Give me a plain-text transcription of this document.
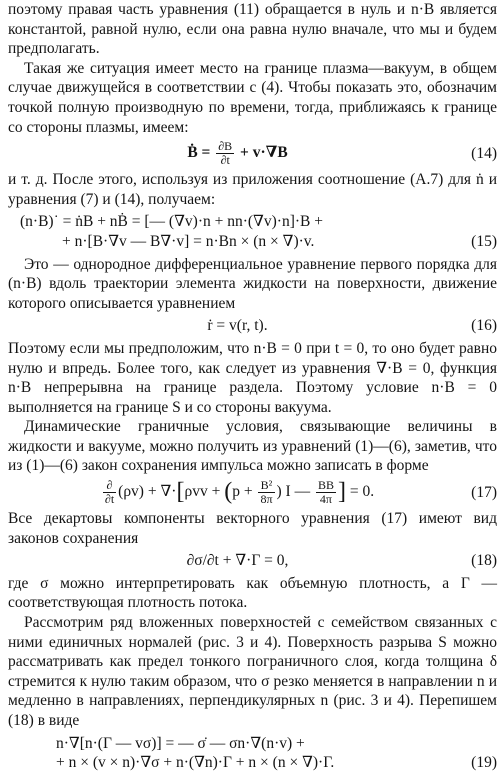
поэтому правая часть уравнения (11) обращается в нуль и n·B является константой, равной нулю, если она равна нулю вначале, что мы и будем предполагать.

Такая же ситуация имеет место на границе плазма—вакуум, в общем случае движущейся в соответствии с (4). Чтобы показать это, обозначим точкой полную производную по времени, тогда, приближаясь к границе со стороны плазмы, имеем:

Ḃ = $\frac{\partial B}{\partial t} + v\cdot\nabla B$	(14)

и т. д. После этого, используя из приложения соотношение (А.7) для ṅ и уравнения (7) и (14), получаем:

(n·B)˙ = ṅB + nḂ = [— (∇v)·n + nn·(∇v)·n]·B +
+ n·[B·∇v — B∇·v] = n·Bn × (n × ∇)·v.	(15)

Это — однородное дифференциальное уравнение первого порядка для (n·B) вдоль траектории элемента жидкости на поверхности, движение которого описывается уравнением

ṙ = v(r, t).	(16)

Поэтому если мы предположим, что n·B = 0 при t = 0, то оно будет равно нулю и впредь. Более того, как следует из уравнения ∇·B = 0, функция n·B непрерывна на границе раздела. Поэтому условие n·B = 0 выполняется на границе S и со стороны вакуума.

Динамические граничные условия, связывающие величины в жидкости и вакууме, можно получить из уравнений (1)—(6), заметив, что из (1)—(6) закон сохранения импульса можно записать в форме

$\frac{\partial}{\partial t} (\rho v) + \nabla\cdot[\rho vv + (p + \frac{\text{B²}}{8\pi}$ ) I — $\frac{BB}{4\pi}$ ] = 0.	(17)

Все декартовы компоненты векторного уравнения (17) имеют вид законов сохранения

∂σ/∂t + ∇·Γ = 0,	(18)

где σ можно интерпретировать как объемную плотность, а Γ — соответствующая плотность потока.

Рассмотрим ряд вложенных поверхностей с семейством связанных с ними единичных нормалей (рис. 3 и 4). Поверхность разрыва S можно рассматривать как предел тонкого пограничного слоя, когда толщина δ стремится к нулю таким образом, что σ резко меняется в направлении n и медленно в направлениях, перпендикулярных n (рис. 3 и 4). Перепишем (18) в виде

n·∇[n·(Γ — vσ)] = — σ̇ — σn·∇(n·v) +
+ n × (v × n)·∇σ + n·(∇n)·Γ + n × (n × ∇)·Γ.	(19)
